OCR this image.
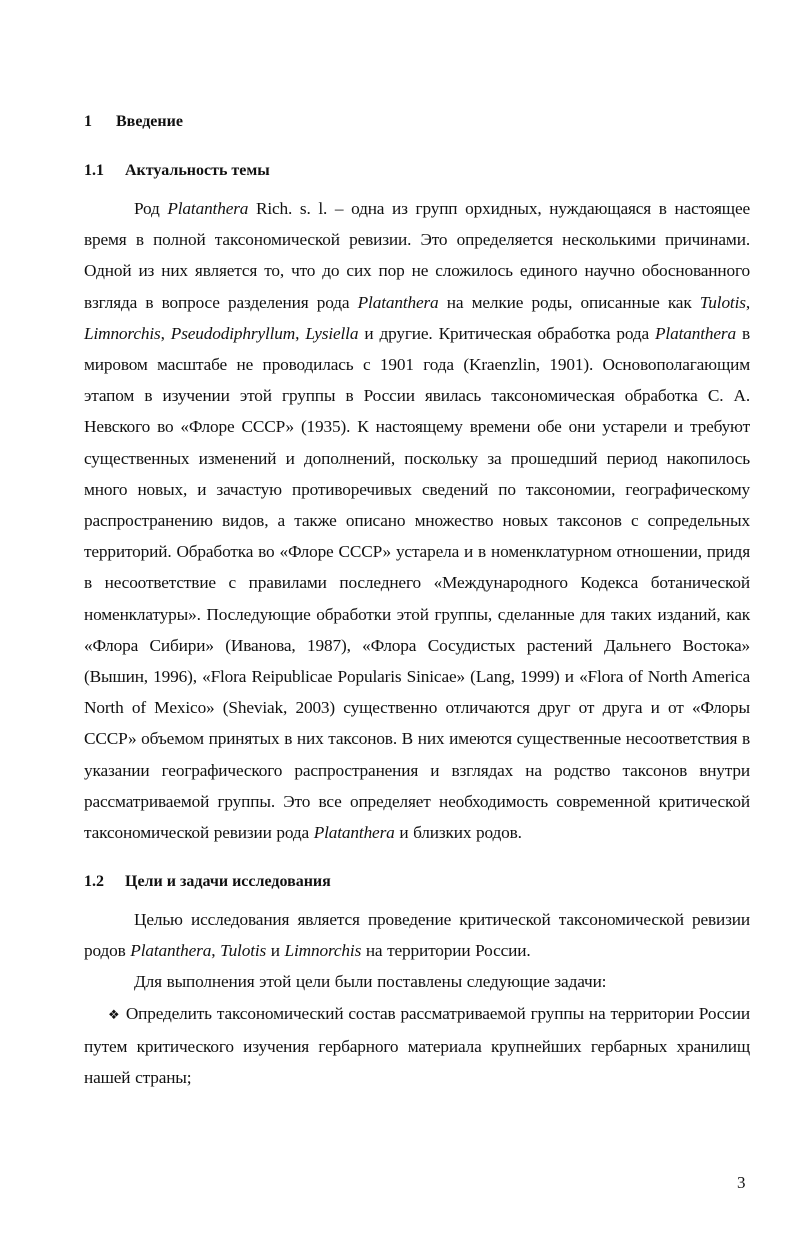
1 Введение
1.1 Актуальность темы

Род Platanthera Rich. s. l. – одна из групп орхидных, нуждающаяся в настоящее время в полной таксономической ревизии. Это определяется несколькими причинами. Одной из них является то, что до сих пор не сложилось единого научно обоснованного взгляда в вопросе разделения рода Platanthera на мелкие роды, описанные как Tulotis, Limnorchis, Pseudodiphryllum, Lysiella и другие. Критическая обработка рода Platanthera в мировом масштабе не проводилась с 1901 года (Kraenzlin, 1901). Основополагающим этапом в изучении этой группы в России явилась таксономическая обработка С. А. Невского во «Флоре СССР» (1935). К настоящему времени обе они устарели и требуют существенных изменений и дополнений, поскольку за прошедший период накопилось много новых, и зачастую противоречивых сведений по таксономии, географическому распространению видов, а также описано множество новых таксонов с сопредельных территорий. Обработка во «Флоре СССР» устарела и в номенклатурном отношении, придя в несоответствие с правилами последнего «Международного Кодекса ботанической номенклатуры». Последующие обработки этой группы, сделанные для таких изданий, как «Флора Сибири» (Иванова, 1987), «Флора Сосудистых растений Дальнего Востока» (Вышин, 1996), «Flora Reipublicae Popularis Sinicae» (Lang, 1999) и «Flora of North America North of Mexico» (Sheviak, 2003) существенно отличаются друг от друга и от «Флоры СССР» объемом принятых в них таксонов. В них имеются существенные несоответствия в указании географического распространения и взглядах на родство таксонов внутри рассматриваемой группы. Это все определяет необходимость современной критической таксономической ревизии рода Platanthera и близких родов.

1.2 Цели и задачи исследования

Целью исследования является проведение критической таксономической ревизии родов Platanthera, Tulotis и Limnorchis на территории России.

Для выполнения этой цели были поставлены следующие задачи:

❖ Определить таксономический состав рассматриваемой группы на территории России путем критического изучения гербарного материала крупнейших гербарных хранилищ нашей страны;

3
